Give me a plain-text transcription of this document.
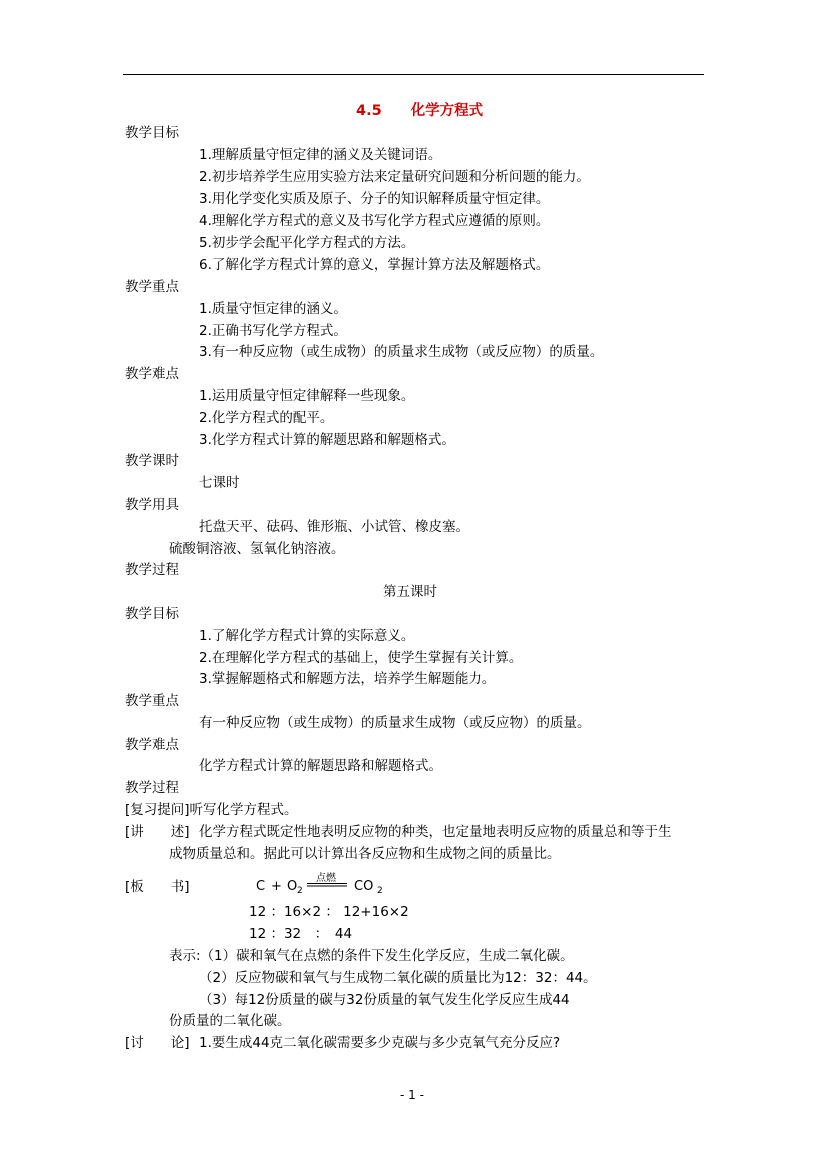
4.5　　化学方程式
教学目标
1.理解质量守恒定律的涵义及关键词语。
2.初步培养学生应用实验方法来定量研究问题和分析问题的能力。
3.用化学变化实质及原子、分子的知识解释质量守恒定律。
4.理解化学方程式的意义及书写化学方程式应遵循的原则。
5.初步学会配平化学方程式的方法。
6.了解化学方程式计算的意义，掌握计算方法及解题格式。
教学重点
1.质量守恒定律的涵义。
2.正确书写化学方程式。
3.有一种反应物（或生成物）的质量求生成物（或反应物）的质量。
教学难点
1.运用质量守恒定律解释一些现象。
2.化学方程式的配平。
3.化学方程式计算的解题思路和解题格式。
教学课时
七课时
教学用具
托盘天平、砝码、锥形瓶、小试管、橡皮塞。
硫酸铜溶液、氢氧化钠溶液。
教学过程
第五课时
教学目标
1.了解化学方程式计算的实际意义。
2.在理解化学方程式的基础上，使学生掌握有关计算。
3.掌握解题格式和解题方法，培养学生解题能力。
教学重点
有一种反应物（或生成物）的质量求生成物（或反应物）的质量。
教学难点
化学方程式计算的解题思路和解题格式。
教学过程
[复习提问]听写化学方程式。
[讲　　述] 化学方程式既定性地表明反应物的种类，也定量地表明反应物的质量总和等于生
成物质量总和。据此可以计算出各反应物和生成物之间的质量比。
[板　　书]	C + O 2
点燃
CO 2
12 ：16×2 ： 12+16×2
12 ：32　：　44
表示:（1）碳和氧气在点燃的条件下发生化学反应，生成二氧化碳。
（2）反应物碳和氧气与生成物二氧化碳的质量比为12：32：44。
（3）每12份质量的碳与32份质量的氧气发生化学反应生成44
份质量的二氧化碳。
[讨　　论] 1.要生成44克二氧化碳需要多少克碳与多少克氧气充分反应?
- 1 -
